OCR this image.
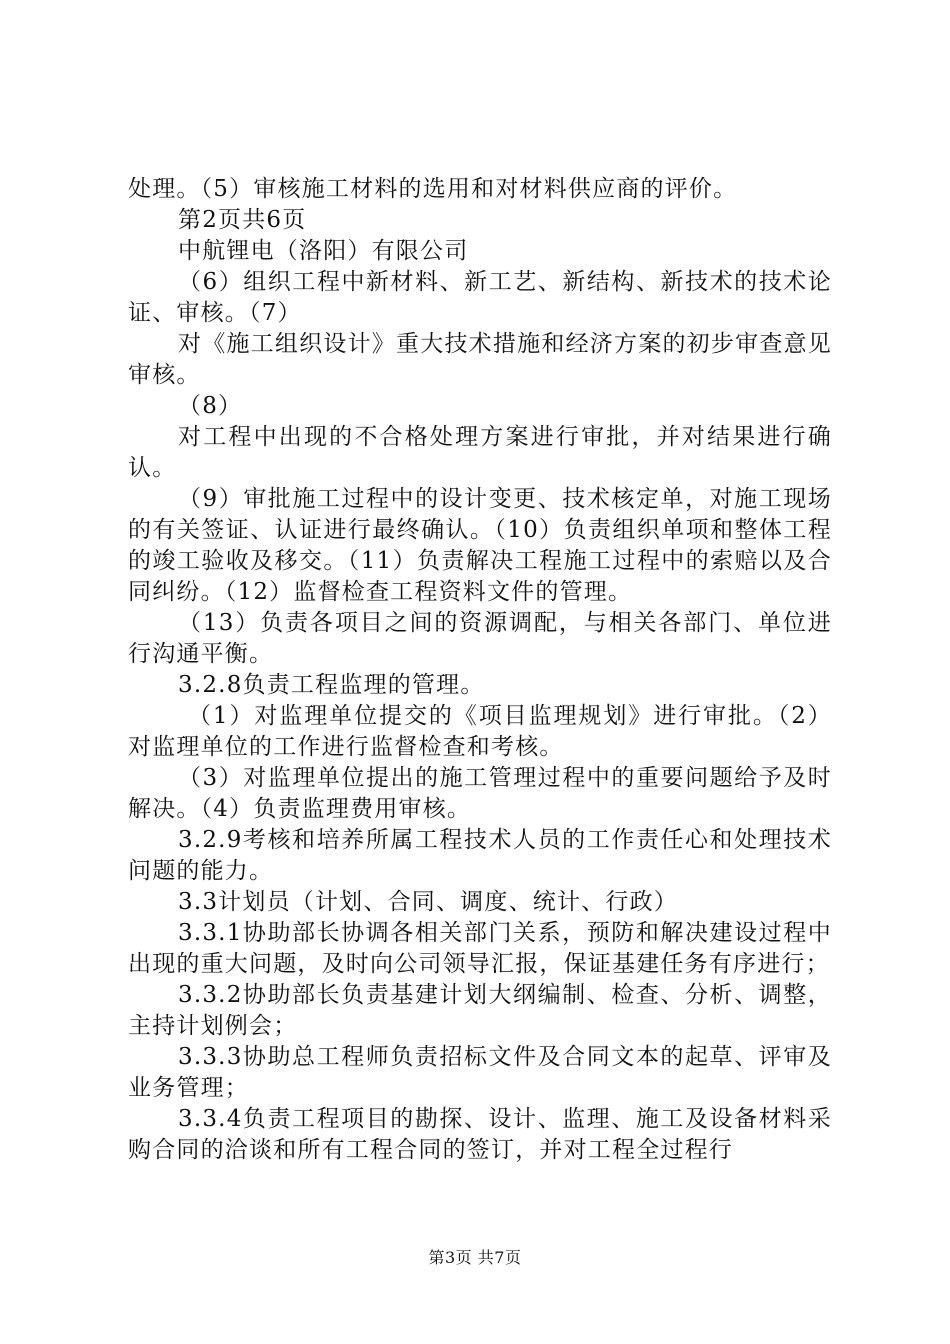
处理。（5）审核施工材料的选用和对材料供应商的评价。

第2页共6页

中航锂电（洛阳）有限公司

（6）组织工程中新材料、新工艺、新结构、新技术的技术论证、审核。（7）

对《施工组织设计》重大技术措施和经济方案的初步审查意见审核。

（8）

对工程中出现的不合格处理方案进行审批，并对结果进行确认。

（9）审批施工过程中的设计变更、技术核定单，对施工现场的有关签证、认证进行最终确认。（10）负责组织单项和整体工程的竣工验收及移交。（11）负责解决工程施工过程中的索赔以及合同纠纷。（12）监督检查工程资料文件的管理。

（13）负责各项目之间的资源调配，与相关各部门、单位进行沟通平衡。

3.2.8负责工程监理的管理。

（1）对监理单位提交的《项目监理规划》进行审批。（2）对监理单位的工作进行监督检查和考核。

（3）对监理单位提出的施工管理过程中的重要问题给予及时解决。（4）负责监理费用审核。

3.2.9考核和培养所属工程技术人员的工作责任心和处理技术问题的能力。

3.3计划员（计划、合同、调度、统计、行政）

3.3.1协助部长协调各相关部门关系，预防和解决建设过程中出现的重大问题，及时向公司领导汇报，保证基建任务有序进行；

3.3.2协助部长负责基建计划大纲编制、检查、分析、调整，主持计划例会；

3.3.3协助总工程师负责招标文件及合同文本的起草、评审及业务管理；

3.3.4负责工程项目的勘探、设计、监理、施工及设备材料采购合同的洽谈和所有工程合同的签订，并对工程全过程行

第3页 共7页
